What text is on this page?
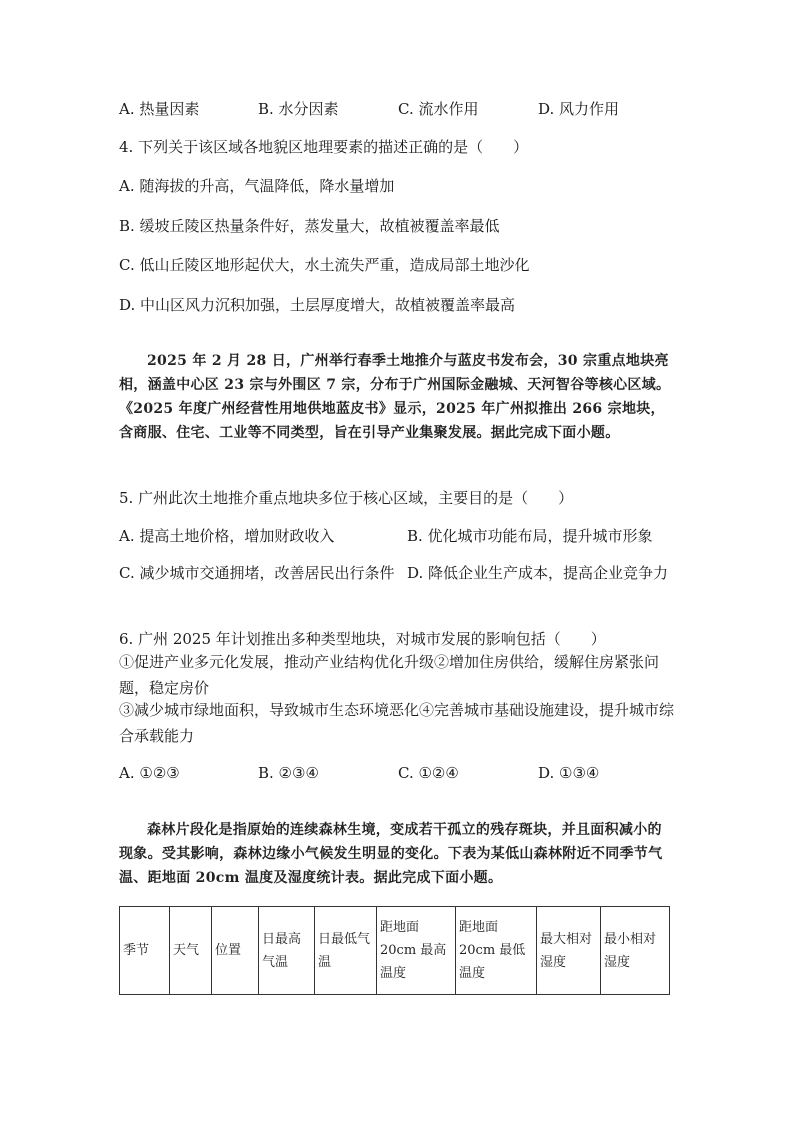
A. 热量因素	B. 水分因素	C. 流水作用	D. 风力作用
4. 下列关于该区域各地貌区地理要素的描述正确的是（　　）
A. 随海拔的升高，气温降低，降水量增加
B. 缓坡丘陵区热量条件好，蒸发量大，故植被覆盖率最低
C. 低山丘陵区地形起伏大，水土流失严重，造成局部土地沙化
D. 中山区风力沉积加强，土层厚度增大，故植被覆盖率最高
2025 年 2 月 28 日，广州举行春季土地推介与蓝皮书发布会，30 宗重点地块亮相，涵盖中心区 23 宗与外围区 7 宗，分布于广州国际金融城、天河智谷等核心区域。《2025 年度广州经营性用地供地蓝皮书》显示，2025 年广州拟推出 266 宗地块，含商服、住宅、工业等不同类型，旨在引导产业集聚发展。据此完成下面小题。
5. 广州此次土地推介重点地块多位于核心区域，主要目的是（　　）
A. 提高土地价格，增加财政收入	B. 优化城市功能布局，提升城市形象
C. 减少城市交通拥堵，改善居民出行条件 D. 降低企业生产成本，提高企业竞争力
6. 广州 2025 年计划推出多种类型地块，对城市发展的影响包括（　　）
①促进产业多元化发展，推动产业结构优化升级②增加住房供给，缓解住房紧张问题，稳定房价
③减少城市绿地面积，导致城市生态环境恶化④完善城市基础设施建设，提升城市综合承载能力
A. ①②③	B. ②③④	C. ①②④	D. ①③④
森林片段化是指原始的连续森林生境，变成若干孤立的残存斑块，并且面积减小的现象。受其影响，森林边缘小气候发生明显的变化。下表为某低山森林附近不同季节气温、距地面 20cm 温度及湿度统计表。据此完成下面小题。
季节	天气	位置	日最高气温	日最低气温	距地面 20cm 最高温度	距地面 20cm 最低温度	最大相对湿度	最小相对湿度
